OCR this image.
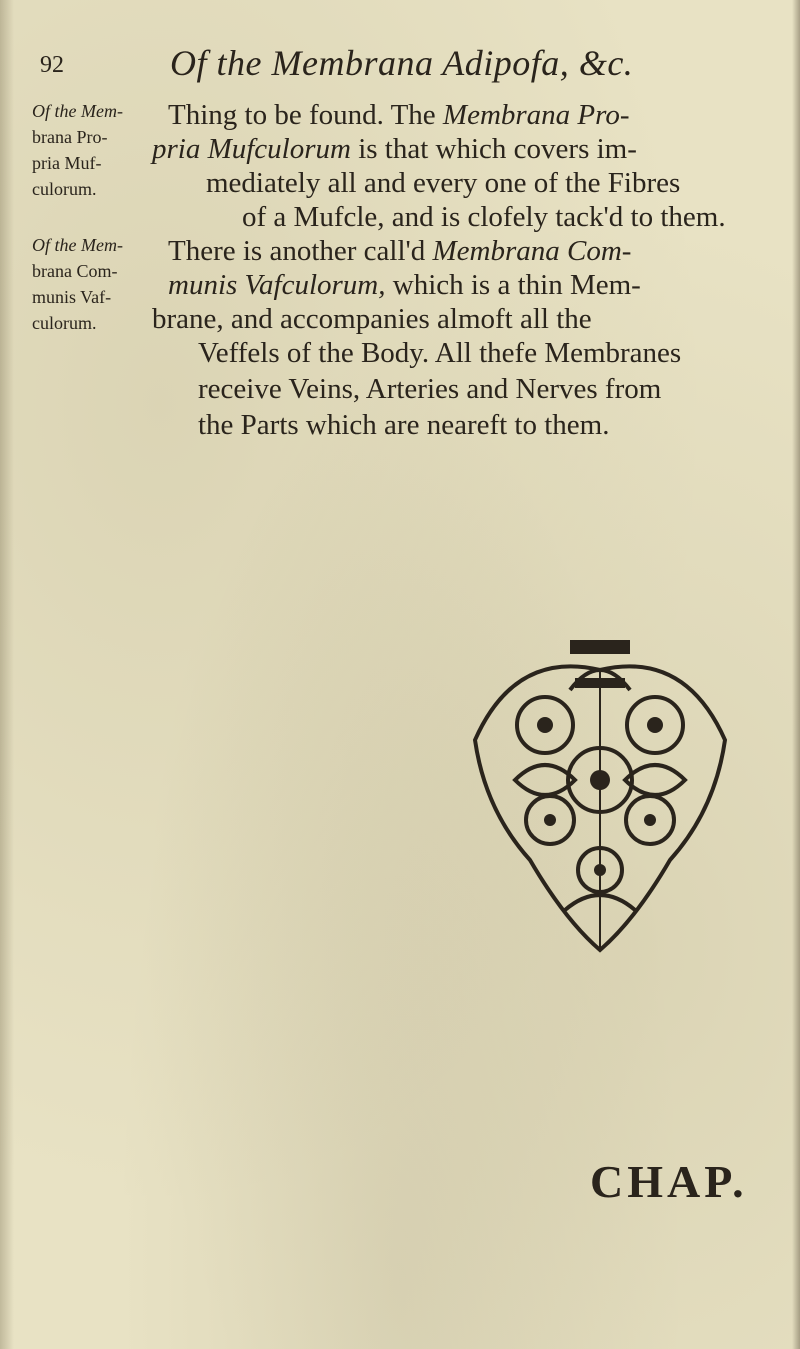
92	Of the Membrana Adipofa, &c.
Of the Mem-
brana Pro-
pria Muf-
culorum.
Of the Mem-
brana Com-
munis Vaf-
culorum.
Thing to be found. The Membrana Pro-
pria Mufculorum is that which covers im-
mediately all and every one of the Fibres
of a Mufcle, and is clofely tack'd to them.
There is another call'd Membrana Com-
munis Vafculorum, which is a thin Mem-
brane, and accompanies almoft all the
Veffels of the Body. All thefe Membranes
receive Veins, Arteries and Nerves from
the Parts which are neareft to them.
CHAP.
